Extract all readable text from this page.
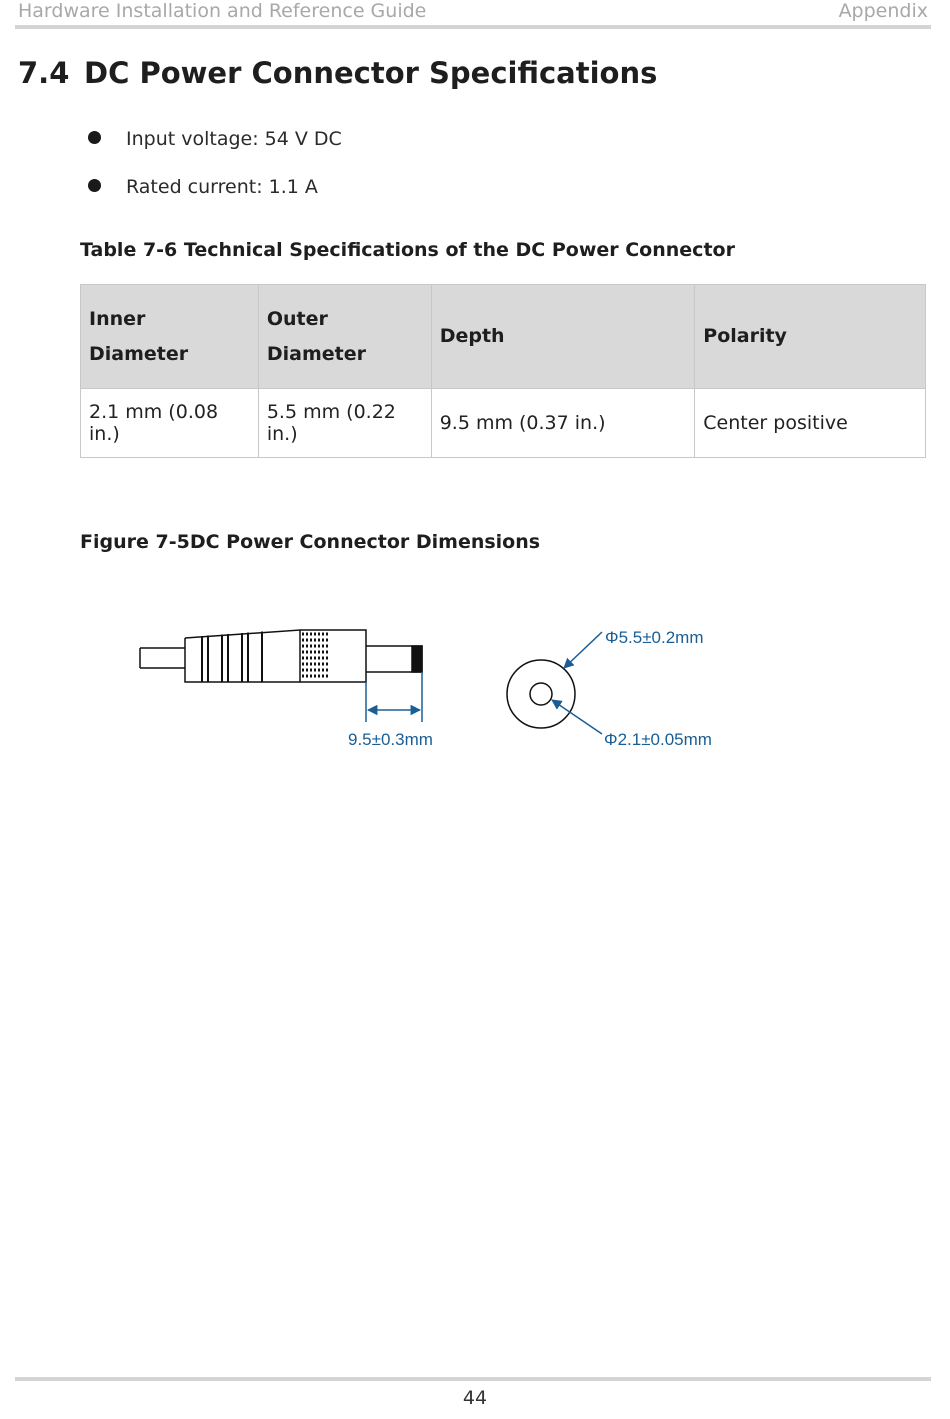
Hardware Installation and Reference Guide	Appendix
7.4 DC Power Connector Specifications
Input voltage: 54 V DC
Rated current: 1.1 A
Table 7-6 Technical Specifications of the DC Power Connector
Inner Diameter	Outer Diameter	Depth	Polarity
2.1 mm (0.08 in.)	5.5 mm (0.22 in.)	9.5 mm (0.37 in.)	Center positive
Figure 7-5DC Power Connector Dimensions
9.5±0.3mm
Φ5.5±0.2mm
Φ2.1±0.05mm
44
